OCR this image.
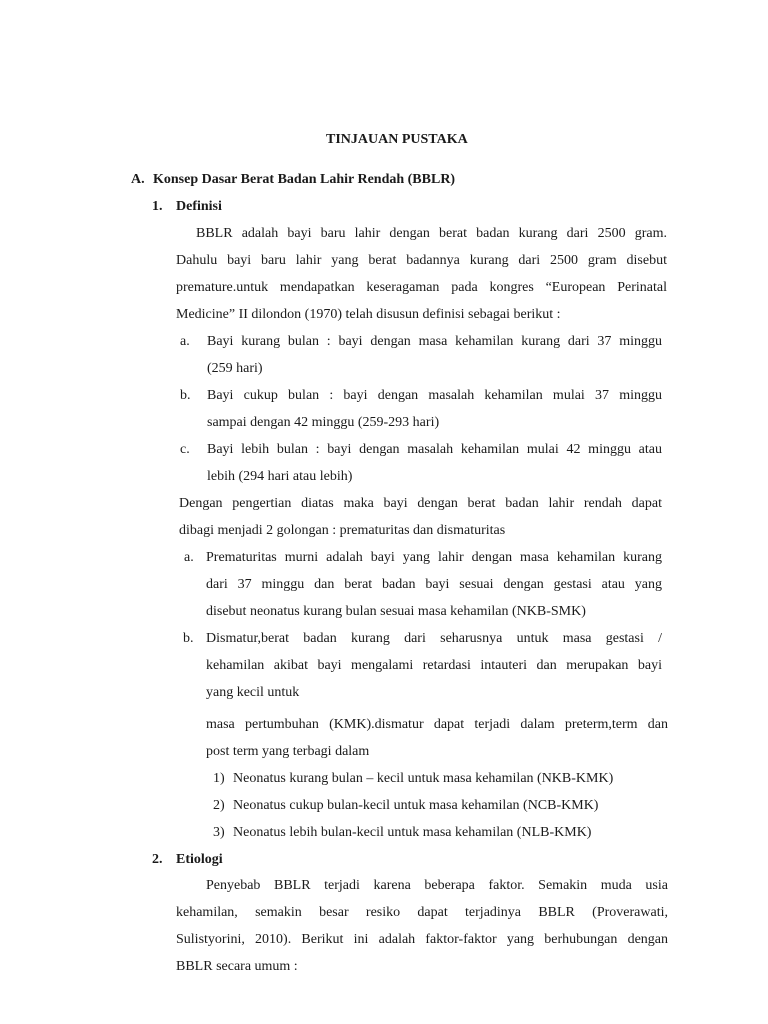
TINJAUAN PUSTAKA
A. Konsep Dasar Berat Badan Lahir Rendah (BBLR)
1. Definisi
BBLR adalah bayi baru lahir dengan berat badan kurang dari 2500 gram.
Dahulu bayi baru lahir yang berat badannya kurang dari 2500 gram disebut
premature.untuk mendapatkan keseragaman pada kongres “European Perinatal
Medicine” II dilondon (1970) telah disusun definisi sebagai berikut :
a. Bayi kurang bulan : bayi dengan masa kehamilan kurang dari 37 minggu
(259 hari)
b. Bayi cukup bulan : bayi dengan masalah kehamilan mulai 37 minggu
sampai dengan 42 minggu (259-293 hari)
c. Bayi lebih bulan : bayi dengan masalah kehamilan mulai 42 minggu atau
lebih (294 hari atau lebih)
Dengan pengertian diatas maka bayi dengan berat badan lahir rendah dapat
dibagi menjadi 2 golongan : prematuritas dan dismaturitas
a. Prematuritas murni adalah bayi yang lahir dengan masa kehamilan kurang
dari 37 minggu dan berat badan bayi sesuai dengan gestasi atau yang
disebut neonatus kurang bulan sesuai masa kehamilan (NKB-SMK)
b. Dismatur,berat badan kurang dari seharusnya untuk masa gestasi /
kehamilan akibat bayi mengalami retardasi intauteri dan merupakan bayi
yang kecil untuk
masa pertumbuhan (KMK).dismatur dapat terjadi dalam preterm,term dan
post term yang terbagi dalam
1) Neonatus kurang bulan – kecil untuk masa kehamilan (NKB-KMK)
2) Neonatus cukup bulan-kecil untuk masa kehamilan (NCB-KMK)
3) Neonatus lebih bulan-kecil untuk masa kehamilan (NLB-KMK)
2. Etiologi
Penyebab BBLR terjadi karena beberapa faktor. Semakin muda usia
kehamilan, semakin besar resiko dapat terjadinya BBLR (Proverawati,
Sulistyorini, 2010). Berikut ini adalah faktor-faktor yang berhubungan dengan
BBLR secara umum :
